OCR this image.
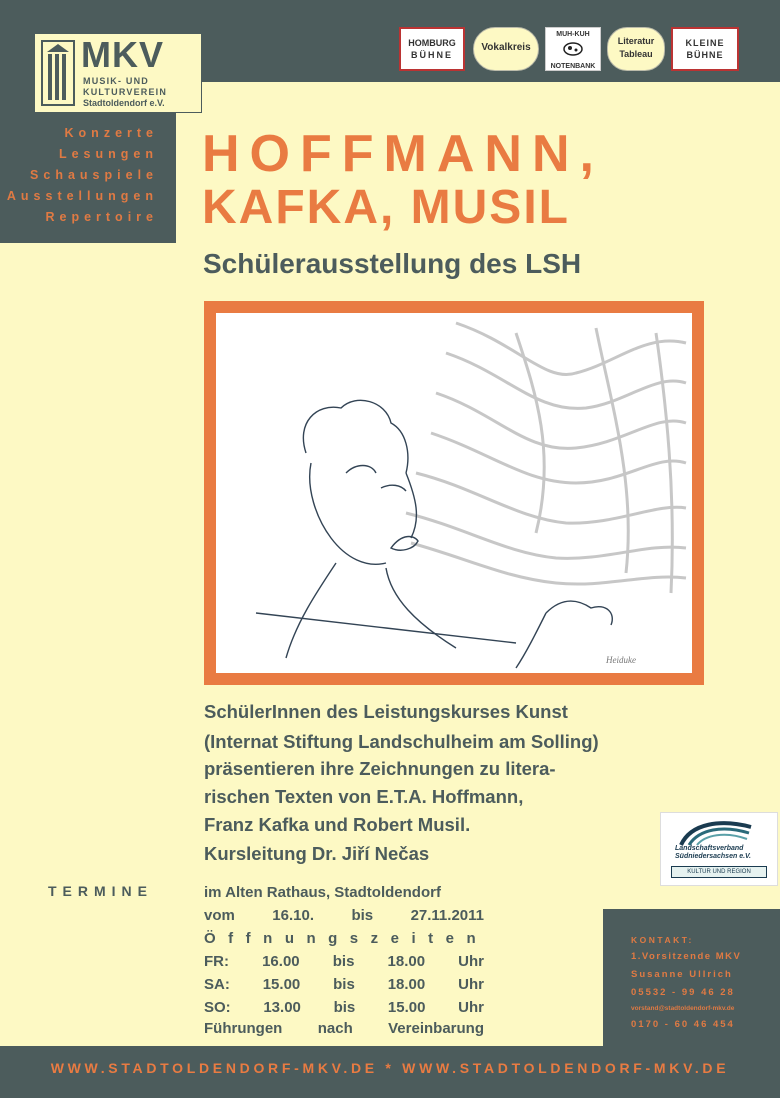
Konzerte
Lesungen
Schauspiele
Ausstellungen
Repertoire
MKV
MUSIK- UND
KULTURVEREIN
Stadtoldendorf e.V.
HOMBURG
BÜHNE
Vokalkreis
MUH-KUH
NOTENBANK
Literatur
Tableau
KLEINE
BÜHNE
HOFFMANN,
KAFKA, MUSIL
Schülerausstellung des LSH
Heiduke
SchülerInnen des Leistungskurses Kunst
(Internat Stiftung Landschulheim am Solling)
präsentieren ihre Zeichnungen zu litera-
rischen Texten von E.T.A. Hoffmann,
Franz Kafka und Robert Musil.
Kursleitung Dr. Jiří Nečas	Landschaftsverband
Südniedersachsen e.V.
KULTUR UND REGION
TERMINE	im Alten Rathaus, Stadtoldendorf
vom 16.10. bis 27.11.2011
Öffnungszeiten
FR: 16.00 bis 18.00 Uhr
SA: 15.00 bis 18.00 Uhr
SO: 13.00 bis 15.00 Uhr
Führungen nach Vereinbarung
KONTAKT:
1.Vorsitzende MKV
Susanne Ullrich
05532 - 99 46 28
vorstand@stadtoldendorf-mkv.de
0170 - 60 46 454
WWW.STADTOLDENDORF-MKV.DE * WWW.STADTOLDENDORF-MKV.DE
